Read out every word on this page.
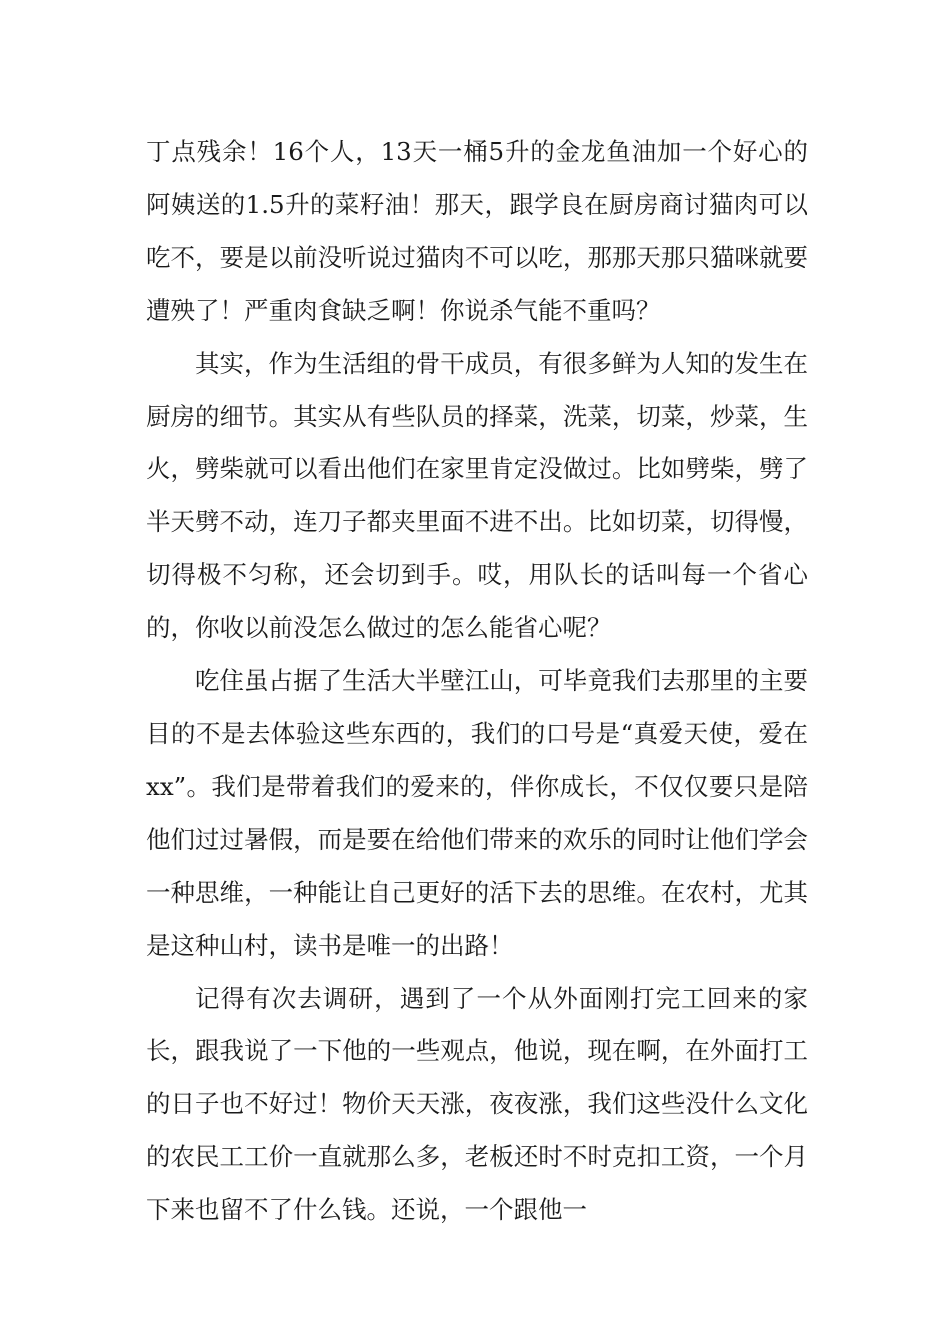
丁点残余！16个人，13天一桶5升的金龙鱼油加一个好心的阿姨送的1.5升的菜籽油！那天，跟学良在厨房商讨猫肉可以吃不，要是以前没听说过猫肉不可以吃，那那天那只猫咪就要遭殃了！严重肉食缺乏啊！你说杀气能不重吗？

其实，作为生活组的骨干成员，有很多鲜为人知的发生在厨房的细节。其实从有些队员的择菜，洗菜，切菜，炒菜，生火，劈柴就可以看出他们在家里肯定没做过。比如劈柴，劈了半天劈不动，连刀子都夹里面不进不出。比如切菜，切得慢，切得极不匀称，还会切到手。哎，用队长的话叫每一个省心的，你收以前没怎么做过的怎么能省心呢？

吃住虽占据了生活大半壁江山，可毕竟我们去那里的主要目的不是去体验这些东西的，我们的口号是“真爱天使，爱在xx”。我们是带着我们的爱来的，伴你成长，不仅仅要只是陪他们过过暑假，而是要在给他们带来的欢乐的同时让他们学会一种思维，一种能让自己更好的活下去的思维。在农村，尤其是这种山村，读书是唯一的出路！

记得有次去调研，遇到了一个从外面刚打完工回来的家长，跟我说了一下他的一些观点，他说，现在啊，在外面打工的日子也不好过！物价天天涨，夜夜涨，我们这些没什么文化的农民工工价一直就那么多，老板还时不时克扣工资，一个月下来也留不了什么钱。还说，一个跟他一
